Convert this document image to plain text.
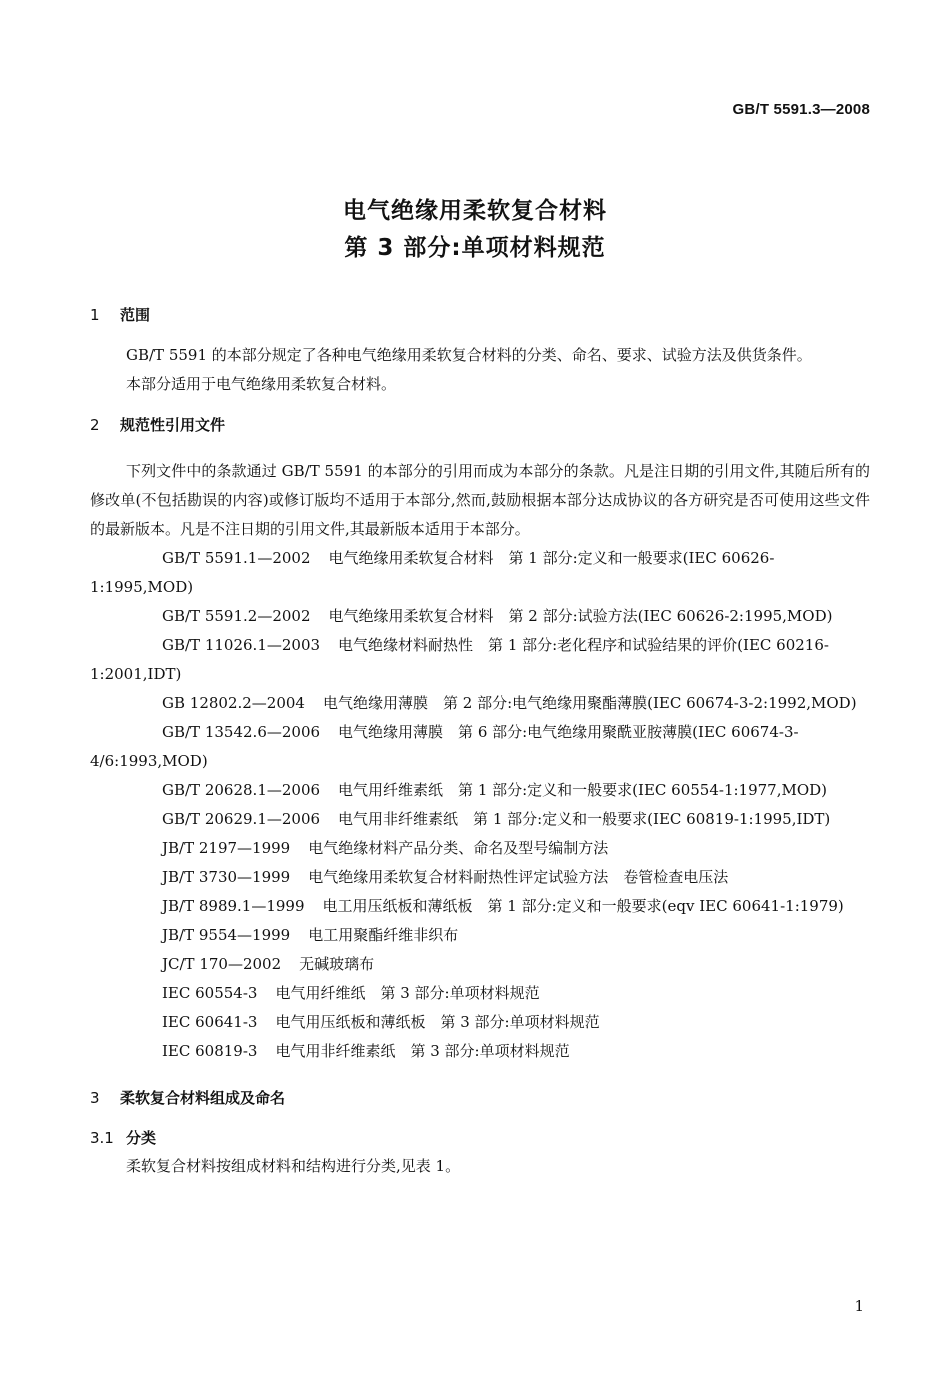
GB/T 5591.3—2008
电气绝缘用柔软复合材料
第 3 部分:单项材料规范
1 范围

GB/T 5591 的本部分规定了各种电气绝缘用柔软复合材料的分类、命名、要求、试验方法及供货条件。

本部分适用于电气绝缘用柔软复合材料。

2 规范性引用文件

下列文件中的条款通过 GB/T 5591 的本部分的引用而成为本部分的条款。凡是注日期的引用文件,其随后所有的修改单(不包括勘误的内容)或修订版均不适用于本部分,然而,鼓励根据本部分达成协议的各方研究是否可使用这些文件的最新版本。凡是不注日期的引用文件,其最新版本适用于本部分。

GB/T 5591.1—2002 电气绝缘用柔软复合材料　第 1 部分:定义和一般要求(IEC 60626-1:1995,MOD)

GB/T 5591.2—2002 电气绝缘用柔软复合材料　第 2 部分:试验方法(IEC 60626-2:1995,MOD)

GB/T 11026.1—2003 电气绝缘材料耐热性　第 1 部分:老化程序和试验结果的评价(IEC 60216-1:2001,IDT)

GB 12802.2—2004 电气绝缘用薄膜　第 2 部分:电气绝缘用聚酯薄膜(IEC 60674-3-2:1992,MOD)

GB/T 13542.6—2006 电气绝缘用薄膜　第 6 部分:电气绝缘用聚酰亚胺薄膜(IEC 60674-3-4/6:1993,MOD)

GB/T 20628.1—2006 电气用纤维素纸　第 1 部分:定义和一般要求(IEC 60554-1:1977,MOD)

GB/T 20629.1—2006 电气用非纤维素纸　第 1 部分:定义和一般要求(IEC 60819-1:1995,IDT)

JB/T 2197—1999 电气绝缘材料产品分类、命名及型号编制方法

JB/T 3730—1999 电气绝缘用柔软复合材料耐热性评定试验方法　卷管检查电压法

JB/T 8989.1—1999 电工用压纸板和薄纸板　第 1 部分:定义和一般要求(eqv IEC 60641-1:1979)

JB/T 9554—1999 电工用聚酯纤维非织布

JC/T 170—2002 无碱玻璃布

IEC 60554-3 电气用纤维纸　第 3 部分:单项材料规范

IEC 60641-3 电气用压纸板和薄纸板　第 3 部分:单项材料规范

IEC 60819-3 电气用非纤维素纸　第 3 部分:单项材料规范

3 柔软复合材料组成及命名
3.1 分类

柔软复合材料按组成材料和结构进行分类,见表 1。

1
